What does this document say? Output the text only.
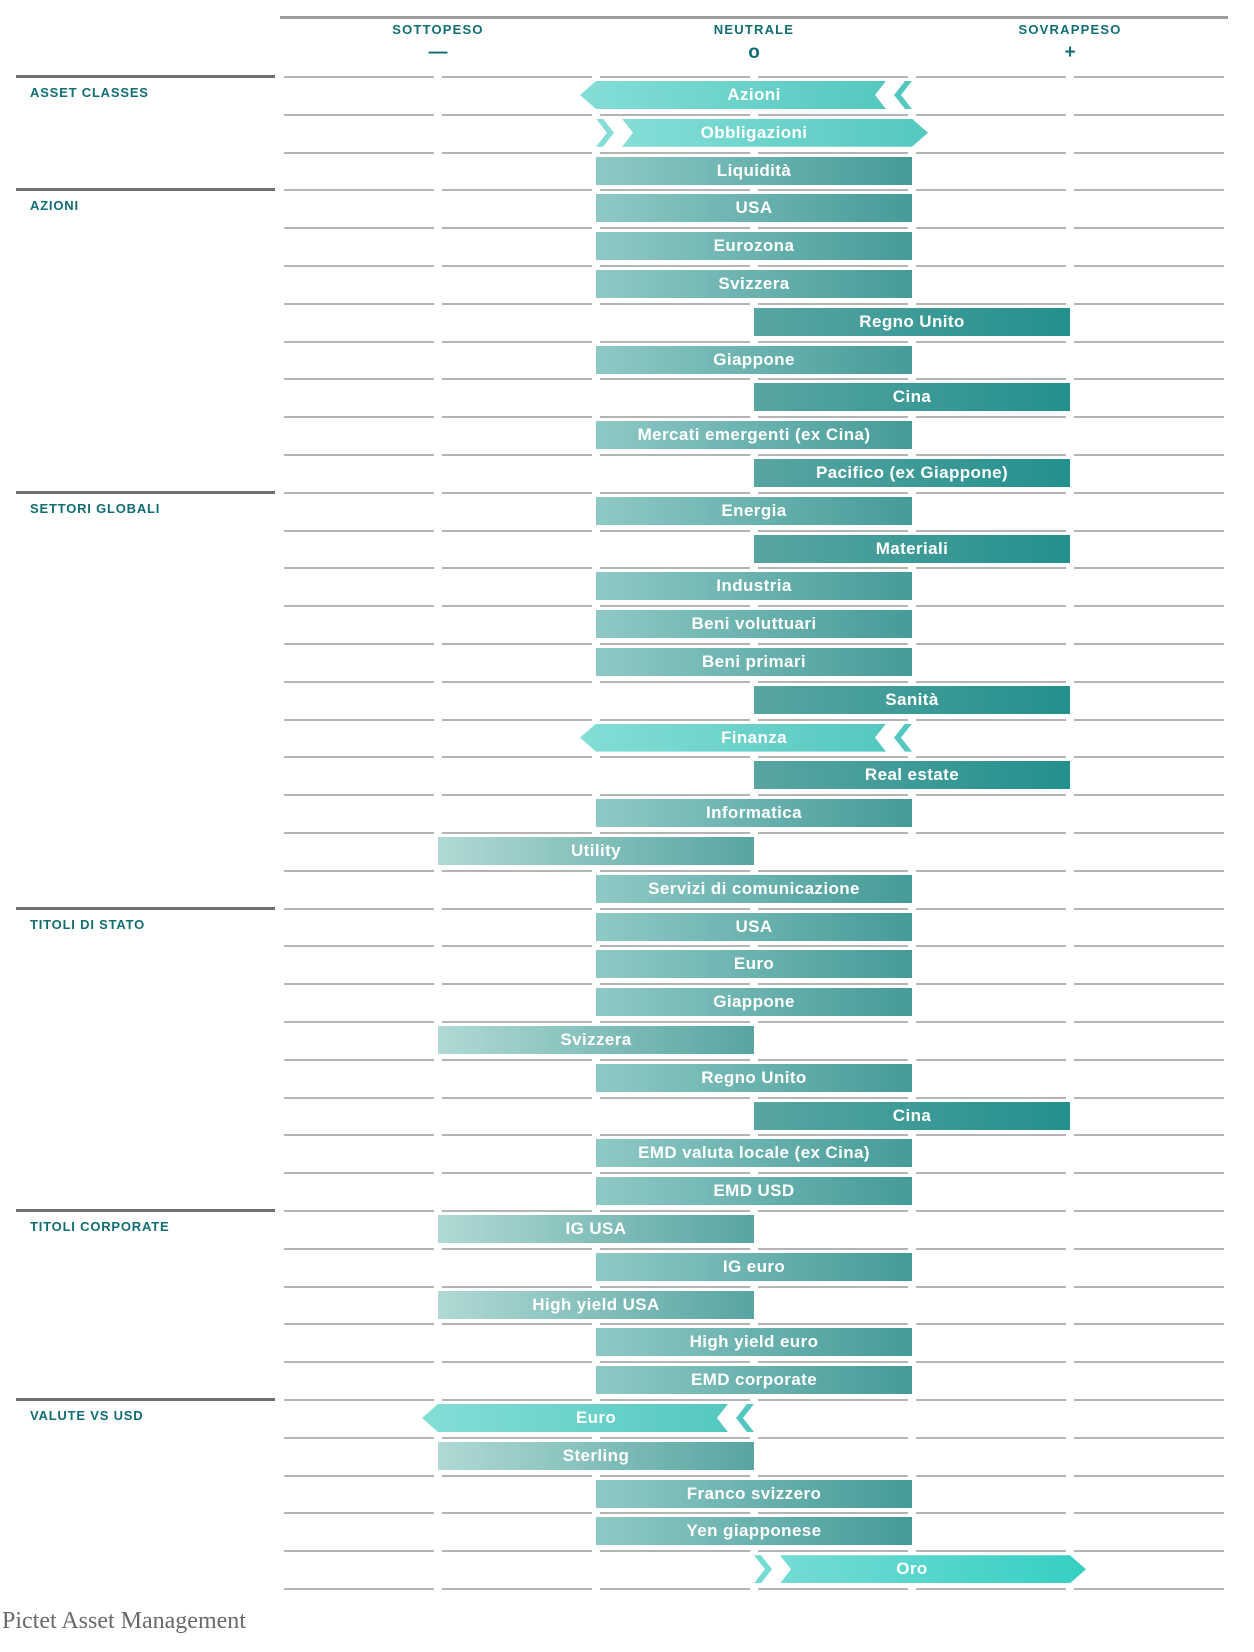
SOTTOPESO
—
NEUTRALE
o
SOVRAPPESO
+
ASSET CLASSES	Azioni
Obbligazioni
Liquidità
AZIONI	USA
Eurozona
Svizzera
Regno Unito
Giappone
Cina
Mercati emergenti (ex Cina)
Pacifico (ex Giappone)
SETTORI GLOBALI	Energia
Materiali
Industria
Beni voluttuari
Beni primari
Sanità
Finanza
Real estate
Informatica
Utility
Servizi di comunicazione
TITOLI DI STATO	USA
Euro
Giappone
Svizzera
Regno Unito
Cina
EMD valuta locale (ex Cina)
EMD USD
TITOLI CORPORATE	IG USA
IG euro
High yield USA
High yield euro
EMD corporate
VALUTE VS USD	Euro
Sterling
Franco svizzero
Yen giapponese
Oro
Pictet Asset Management
